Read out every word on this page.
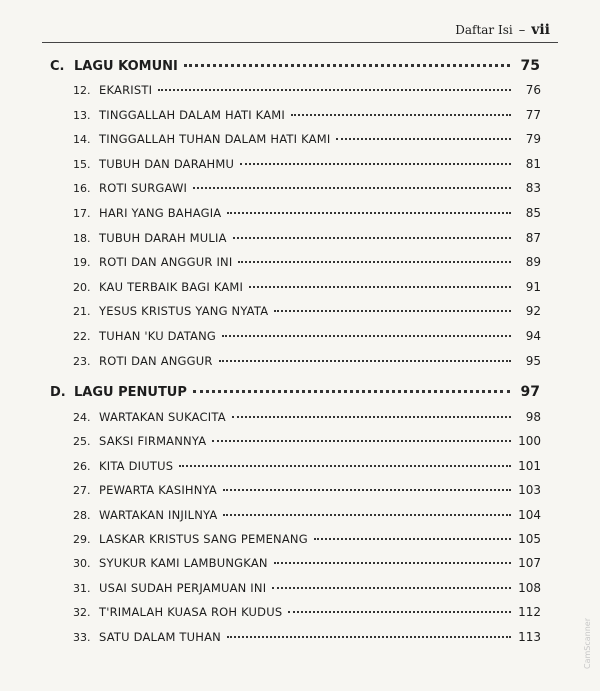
Daftar Isi – vii
C. LAGU KOMUNI	75
12. EKARISTI	76
13. TINGGALLAH DALAM HATI KAMI	77
14. TINGGALLAH TUHAN DALAM HATI KAMI	79
15. TUBUH DAN DARAHMU	81
16. ROTI SURGAWI	83
17. HARI YANG BAHAGIA	85
18. TUBUH DARAH MULIA	87
19. ROTI DAN ANGGUR INI	89
20. KAU TERBAIK BAGI KAMI	91
21. YESUS KRISTUS YANG NYATA	92
22. TUHAN 'KU DATANG	94
23. ROTI DAN ANGGUR	95
D. LAGU PENUTUP	97
24. WARTAKAN SUKACITA	98
25. SAKSI FIRMANNYA	100
26. KITA DIUTUS	101
27. PEWARTA KASIHNYA	103
28. WARTAKAN INJILNYA	104
29. LASKAR KRISTUS SANG PEMENANG	105
30. SYUKUR KAMI LAMBUNGKAN	107
31. USAI SUDAH PERJAMUAN INI	108
32. T'RIMALAH KUASA ROH KUDUS	112
33. SATU DALAM TUHAN	113	CamScanner
